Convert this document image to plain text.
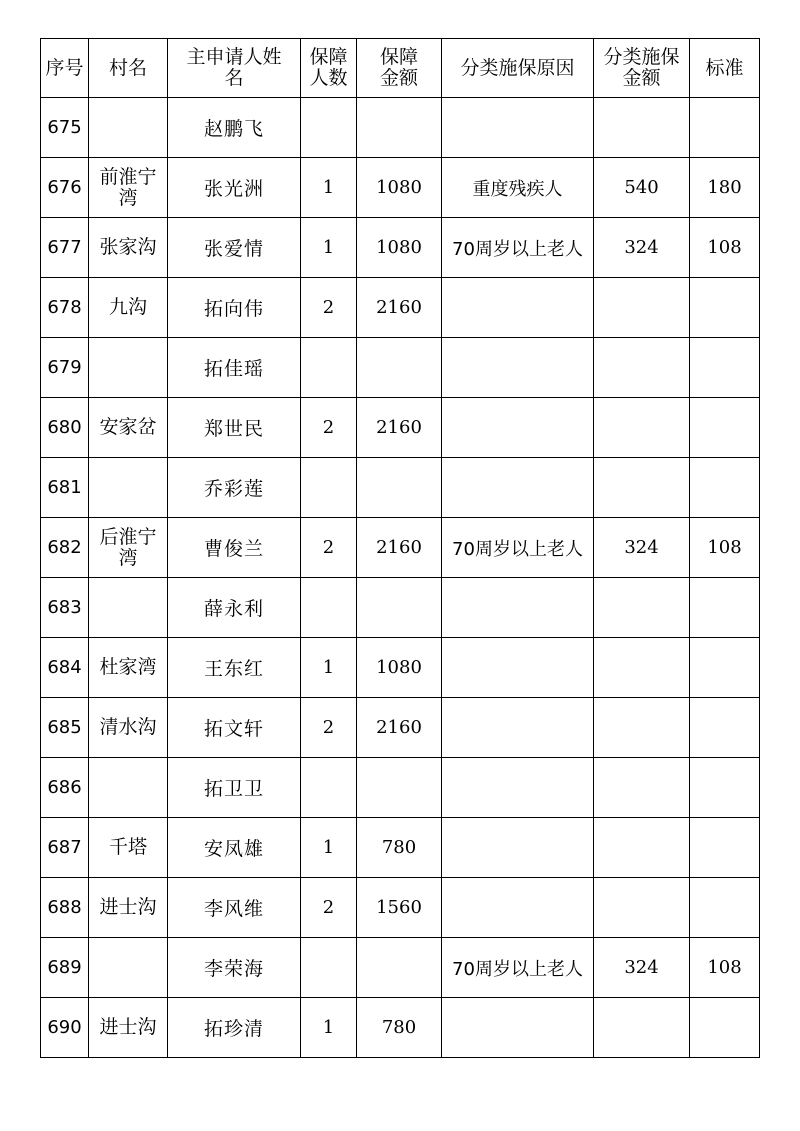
序号	村名	主申请人姓名	保障人数	保障金额	分类施保原因	分类施保金额	标准
675		赵鹏飞					
676	前淮宁湾	张光洲	1	1080	重度残疾人	540	180
677	张家沟	张爱情	1	1080	70周岁以上老人	324	108
678	九沟	拓向伟	2	2160			
679		拓佳瑶					
680	安家岔	郑世民	2	2160			
681		乔彩莲					
682	后淮宁湾	曹俊兰	2	2160	70周岁以上老人	324	108
683		薛永利					
684	杜家湾	王东红	1	1080			
685	清水沟	拓文轩	2	2160			
686		拓卫卫					
687	千塔	安凤雄	1	780			
688	进士沟	李风维	2	1560			
689		李荣海			70周岁以上老人	324	108
690	进士沟	拓珍清	1	780			
